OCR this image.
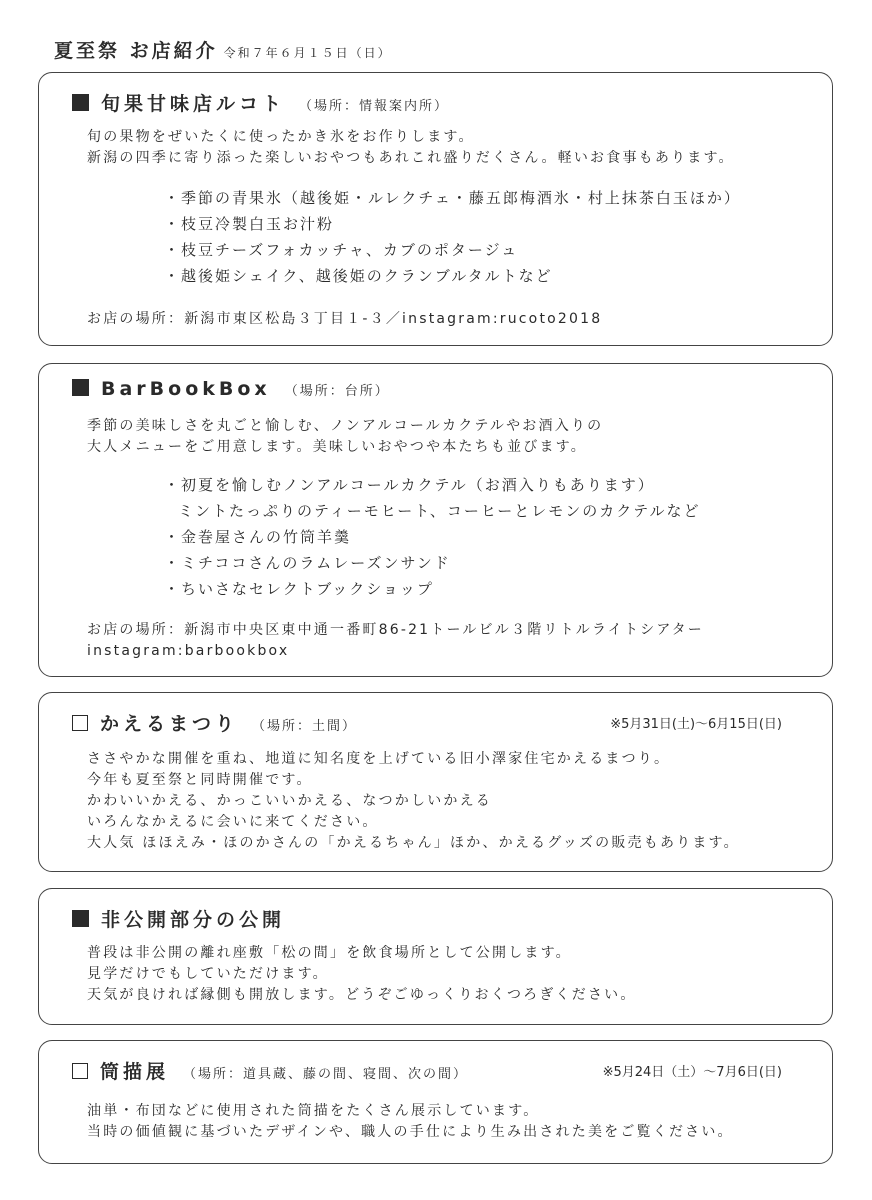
夏至祭 お店紹介 令和７年６月１５日（日）
旬果甘味店ルコト （場所：情報案内所）
旬の果物をぜいたくに使ったかき氷をお作りします。
新潟の四季に寄り添った楽しいおやつもあれこれ盛りだくさん。軽いお食事もあります。
・季節の青果氷（越後姫・ルレクチェ・藤五郎梅酒氷・村上抹茶白玉ほか）
・枝豆冷製白玉お汁粉
・枝豆チーズフォカッチャ、カブのポタージュ
・越後姫シェイク、越後姫のクランブルタルトなど
お店の場所：新潟市東区松島３丁目１-３／instagram:rucoto2018
BarBookBox （場所：台所）
季節の美味しさを丸ごと愉しむ、ノンアルコールカクテルやお酒入りの
大人メニューをご用意します。美味しいおやつや本たちも並びます。
・初夏を愉しむノンアルコールカクテル（お酒入りもあります）
ミントたっぷりのティーモヒート、コーヒーとレモンのカクテルなど
・金巻屋さんの竹筒羊羹
・ミチココさんのラムレーズンサンド
・ちいさなセレクトブックショップ
お店の場所：新潟市中央区東中通一番町86-21トールビル３階リトルライトシアター
instagram:barbookbox
かえるまつり （場所：土間）	※5月31日(土)〜6月15日(日)
ささやかな開催を重ね、地道に知名度を上げている旧小澤家住宅かえるまつり。
今年も夏至祭と同時開催です。
かわいいかえる、かっこいいかえる、なつかしいかえる
いろんなかえるに会いに来てください。
大人気 ほほえみ・ほのかさんの「かえるちゃん」ほか、かえるグッズの販売もあります。
非公開部分の公開
普段は非公開の離れ座敷「松の間」を飲食場所として公開します。
見学だけでもしていただけます。
天気が良ければ縁側も開放します。どうぞごゆっくりおくつろぎください。
筒描展 （場所：道具蔵、藤の間、寝間、次の間）	※5月24日（土）〜7月6日(日)
油単・布団などに使用された筒描をたくさん展示しています。
当時の価値観に基づいたデザインや、職人の手仕により生み出された美をご覧ください。
